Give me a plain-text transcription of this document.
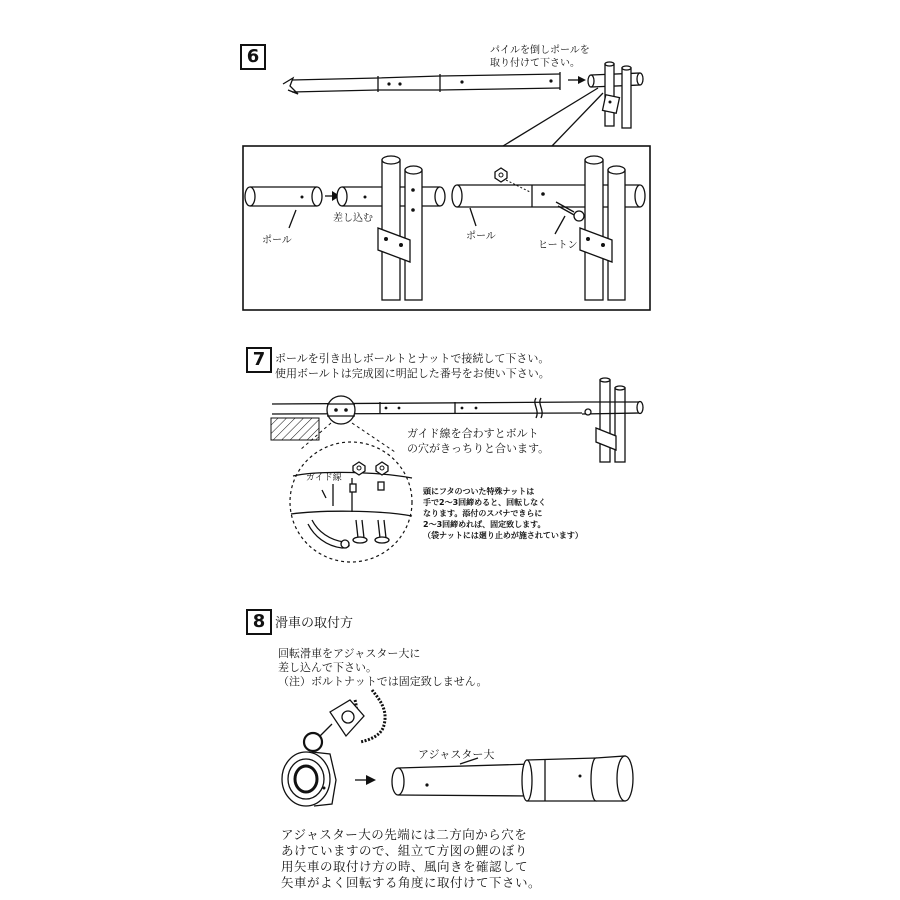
6	パイルを倒しポールを
取り付けて下さい。
ポール
差し込む
ポール
ヒートン
7 ポールを引き出しボールトとナットで接続して下さい。
使用ボールトは完成図に明記した番号をお使い下さい。
ガイド線を合わすとボルト
の穴がきっちりと合います。
ガイド線
頭にフタのついた特殊ナットは
手で2〜3回締めると、回転しなく
なります。添付のスパナできらに
2〜3回締めれば、固定致します。
（袋ナットには廻り止めが施されています）
8 滑車の取付方
回転滑車をアジャスター大に
差し込んで下さい。
（注）ボルトナットでは固定致しません。
アジャスター大
アジャスター大の先端には二方向から穴を
あけていますので、組立て方図の鯉のぼり
用矢車の取付け方の時、風向きを確認して
矢車がよく回転する角度に取付けて下さい。
